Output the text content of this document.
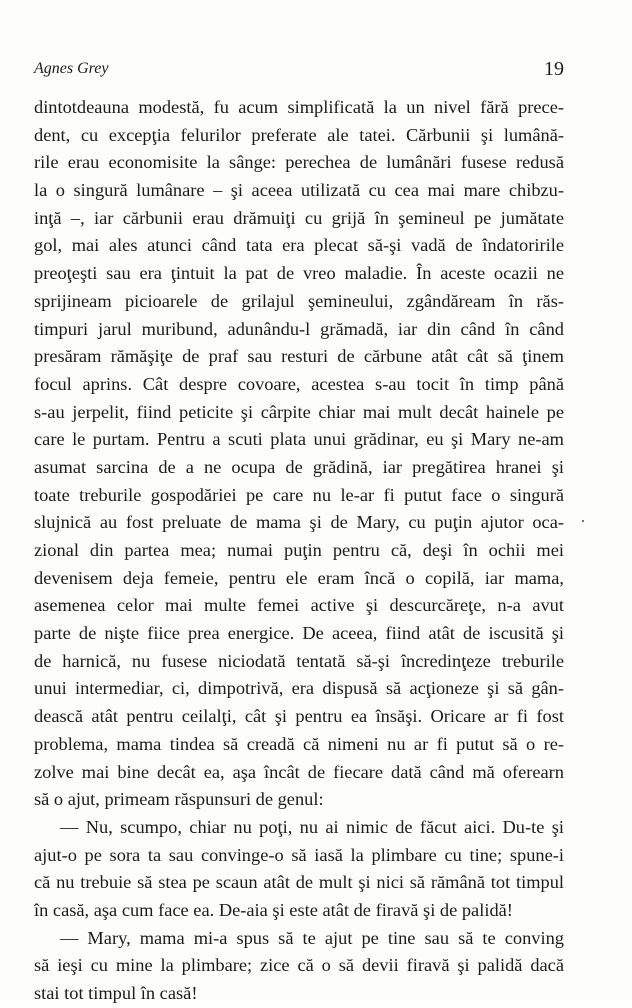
Agnes Grey	19
dintotdeauna modestă, fu acum simplificată la un nivel fără prece-
dent, cu excepţia felurilor preferate ale tatei. Cărbunii şi lumână-
rile erau economisite la sânge: perechea de lumânări fusese redusă
la o singură lumânare – şi aceea utilizată cu cea mai mare chibzu-
inţă –, iar cărbunii erau drămuiţi cu grijă în şemineul pe jumătate
gol, mai ales atunci când tata era plecat să-şi vadă de îndatoririle
preoţeşti sau era ţintuit la pat de vreo maladie. În aceste ocazii ne
sprijineam picioarele de grilajul şemineului, zgândăream în răs-
timpuri jarul muribund, adunându-l grămadă, iar din când în când
presăram rămăşiţe de praf sau resturi de cărbune atât cât să ţinem
focul aprins. Cât despre covoare, acestea s-au tocit în timp până
s-au jerpelit, fiind peticite şi cârpite chiar mai mult decât hainele pe
care le purtam. Pentru a scuti plata unui grădinar, eu şi Mary ne-am
asumat sarcina de a ne ocupa de grădină, iar pregătirea hranei şi
toate treburile gospodăriei pe care nu le-ar fi putut face o singură
slujnică au fost preluate de mama şi de Mary, cu puţin ajutor oca-
zional din partea mea; numai puţin pentru că, deşi în ochii mei
devenisem deja femeie, pentru ele eram încă o copilă, iar mama,
asemenea celor mai multe femei active şi descurcăreţe, n-a avut
parte de nişte fiice prea energice. De aceea, fiind atât de iscusită şi
de harnică, nu fusese niciodată tentată să-şi încredinţeze treburile
unui intermediar, ci, dimpotrivă, era dispusă să acţioneze şi să gân-
dească atât pentru ceilalţi, cât şi pentru ea însăşi. Oricare ar fi fost
problema, mama tindea să creadă că nimeni nu ar fi putut să o re-
zolve mai bine decât ea, aşa încât de fiecare dată când mă oferearn
să o ajut, primeam răspunsuri de genul:
— Nu, scumpo, chiar nu poţi, nu ai nimic de făcut aici. Du-te şi
ajut-o pe sora ta sau convinge-o să iasă la plimbare cu tine; spune-i
că nu trebuie să stea pe scaun atât de mult şi nici să rămână tot timpul
în casă, aşa cum face ea. De-aia şi este atât de firavă şi de palidă!
— Mary, mama mi-a spus să te ajut pe tine sau să te conving
să ieşi cu mine la plimbare; zice că o să devii firavă şi palidă dacă
stai tot timpul în casă!
